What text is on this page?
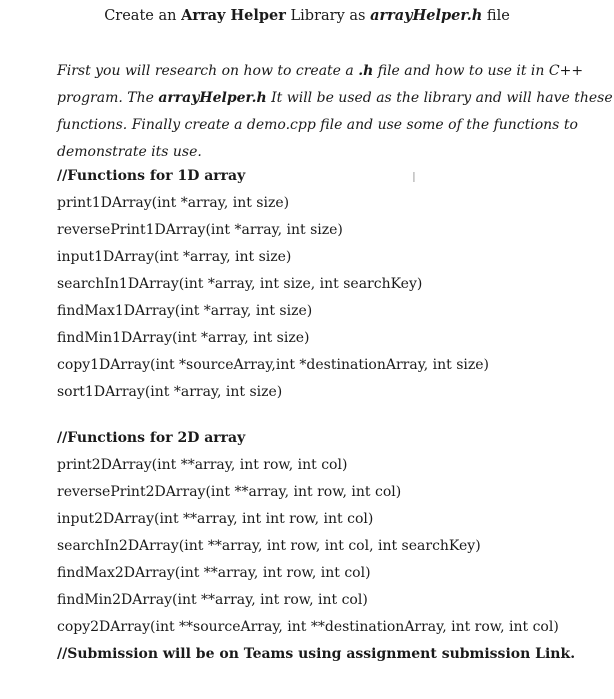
Create an Array Helper Library as arrayHelper.h file
First you will research on how to create a .h file and how to use it in C++
program. The arrayHelper.h It will be used as the library and will have these
functions. Finally create a demo.cpp file and use some of the functions to
demonstrate its use.
I
//Functions for 1D array
print1DArray(int *array, int size)
reversePrint1DArray(int *array, int size)
input1DArray(int *array, int size)
searchIn1DArray(int *array, int size, int searchKey)
findMax1DArray(int *array, int size)
findMin1DArray(int *array, int size)
copy1DArray(int *sourceArray,int *destinationArray, int size)
sort1DArray(int *array, int size)
//Functions for 2D array
print2DArray(int **array, int row, int col)
reversePrint2DArray(int **array, int row, int col)
input2DArray(int **array, int int row, int col)
searchIn2DArray(int **array, int row, int col, int searchKey)
findMax2DArray(int **array, int row, int col)
findMin2DArray(int **array, int row, int col)
copy2DArray(int **sourceArray, int **destinationArray, int row, int col)
//Submission will be on Teams using assignment submission Link.
